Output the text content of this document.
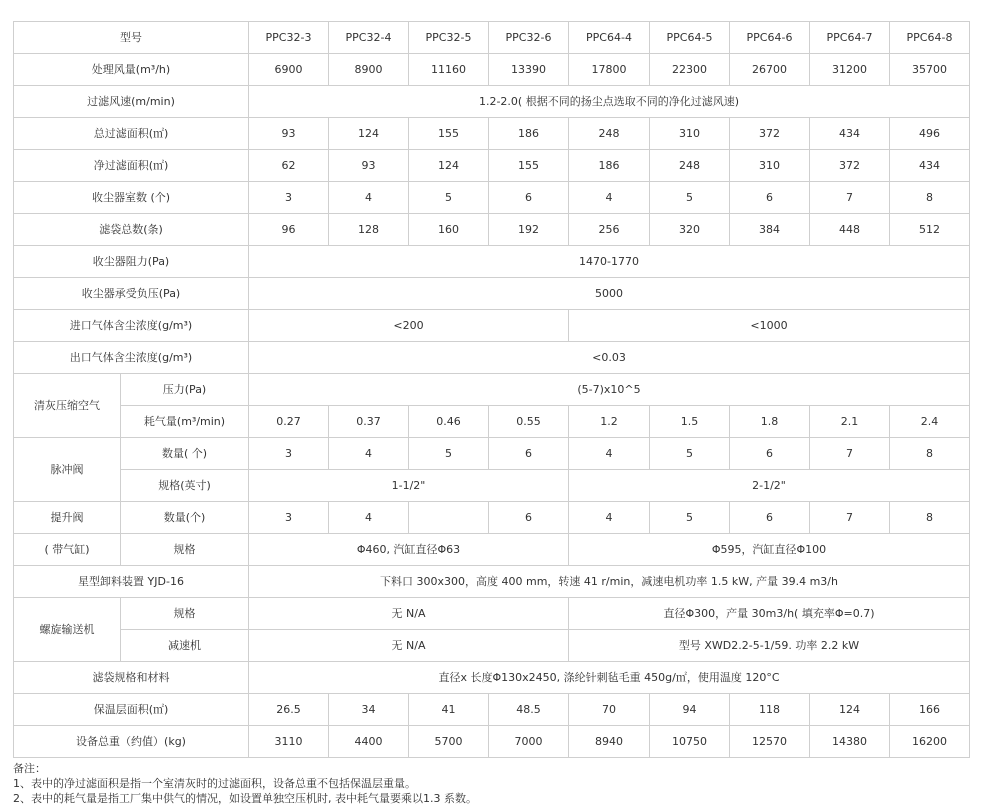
型号		PPC32-3	PPC32-4	PPC32-5	PPC32-6	PPC64-4	PPC64-5	PPC64-6	PPC64-7	PPC64-8
处理风量(m³/h)		6900	8900	11160	13390	17800	22300	26700	31200	35700
过滤风速(m/min)		1.2-2.0( 根据不同的扬尘点选取不同的净化过滤风速)								
总过滤面积(㎡)		93	124	155	186	248	310	372	434	496
净过滤面积(㎡)		62	93	124	155	186	248	310	372	434
收尘器室数 (个)		3	4	5	6	4	5	6	7	8
滤袋总数(条)		96	128	160	192	256	320	384	448	512
收尘器阻力(Pa)		1470-1770								
收尘器承受负压(Pa)		5000								
进口气体含尘浓度(g/m³)		<200				<1000				
出口气体含尘浓度(g/m³)		<0.03								
清灰压缩空气	压力(Pa)	(5-7)x10^5								
	耗气量(m³/min)	0.27	0.37	0.46	0.55	1.2	1.5	1.8	2.1	2.4
脉冲阀	数量( 个)	3	4	5	6	4	5	6	7	8
	规格(英寸)	1-1/2"				2-1/2"				
提升阀	数量(个)	3	4		6	4	5	6	7	8
( 带气缸)	规格	Φ460, 汽缸直径Φ63				Φ595，汽缸直径Φ100				
星型卸料装置 YJD-16		下料口 300x300，高度 400 mm，转速 41 r/min，减速电机功率 1.5 kW, 产量 39.4 m3/h								
螺旋输送机	规格	无 N/A				直径Φ300，产量 30m3/h( 填充率Φ=0.7)				
	减速机	无 N/A				型号 XWD2.2-5-1/59. 功率 2.2 kW				
滤袋规格和材料		直径x 长度Φ130x2450, 涤纶针刺毡毛重 450g/㎡，使用温度 120°C								
保温层面积(㎡)		26.5	34	41	48.5	70	94	118	124	166
设备总重（约值）(kg)		3110	4400	5700	7000	8940	10750	12570	14380	16200
备注：
1、表中的净过滤面积是指一个室清灰时的过滤面积，设备总重不包括保温层重量。
2、表中的耗气量是指工厂集中供气的情况，如设置单独空压机时, 表中耗气量要乘以1.3 系数。
